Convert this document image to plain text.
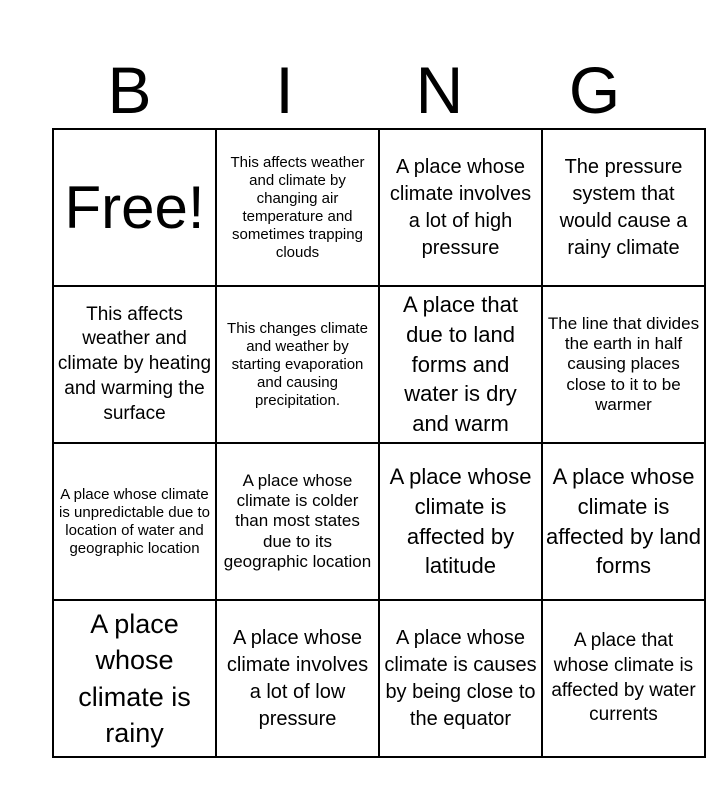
B	I	N	G
Free!	This affects weather and climate by changing air temperature and sometimes trapping clouds	A place whose climate involves a lot of high pressure	The pressure system that would cause a rainy climate

This affects weather and climate by heating and warming the surface	This changes climate and weather by starting evaporation and causing precipitation.	A place that due to land forms and water is dry and warm	The line that divides the earth in half causing places close to it to be warmer

A place whose climate is unpredictable due to location of water and geographic location	A place whose climate is colder than most states due to its geographic location	A place whose climate is affected by latitude	A place whose climate is affected by land forms

A place whose climate is rainy	A place whose climate involves a lot of low pressure	A place whose climate is causes by being close to the equator	A place that whose climate is affected by water currents
